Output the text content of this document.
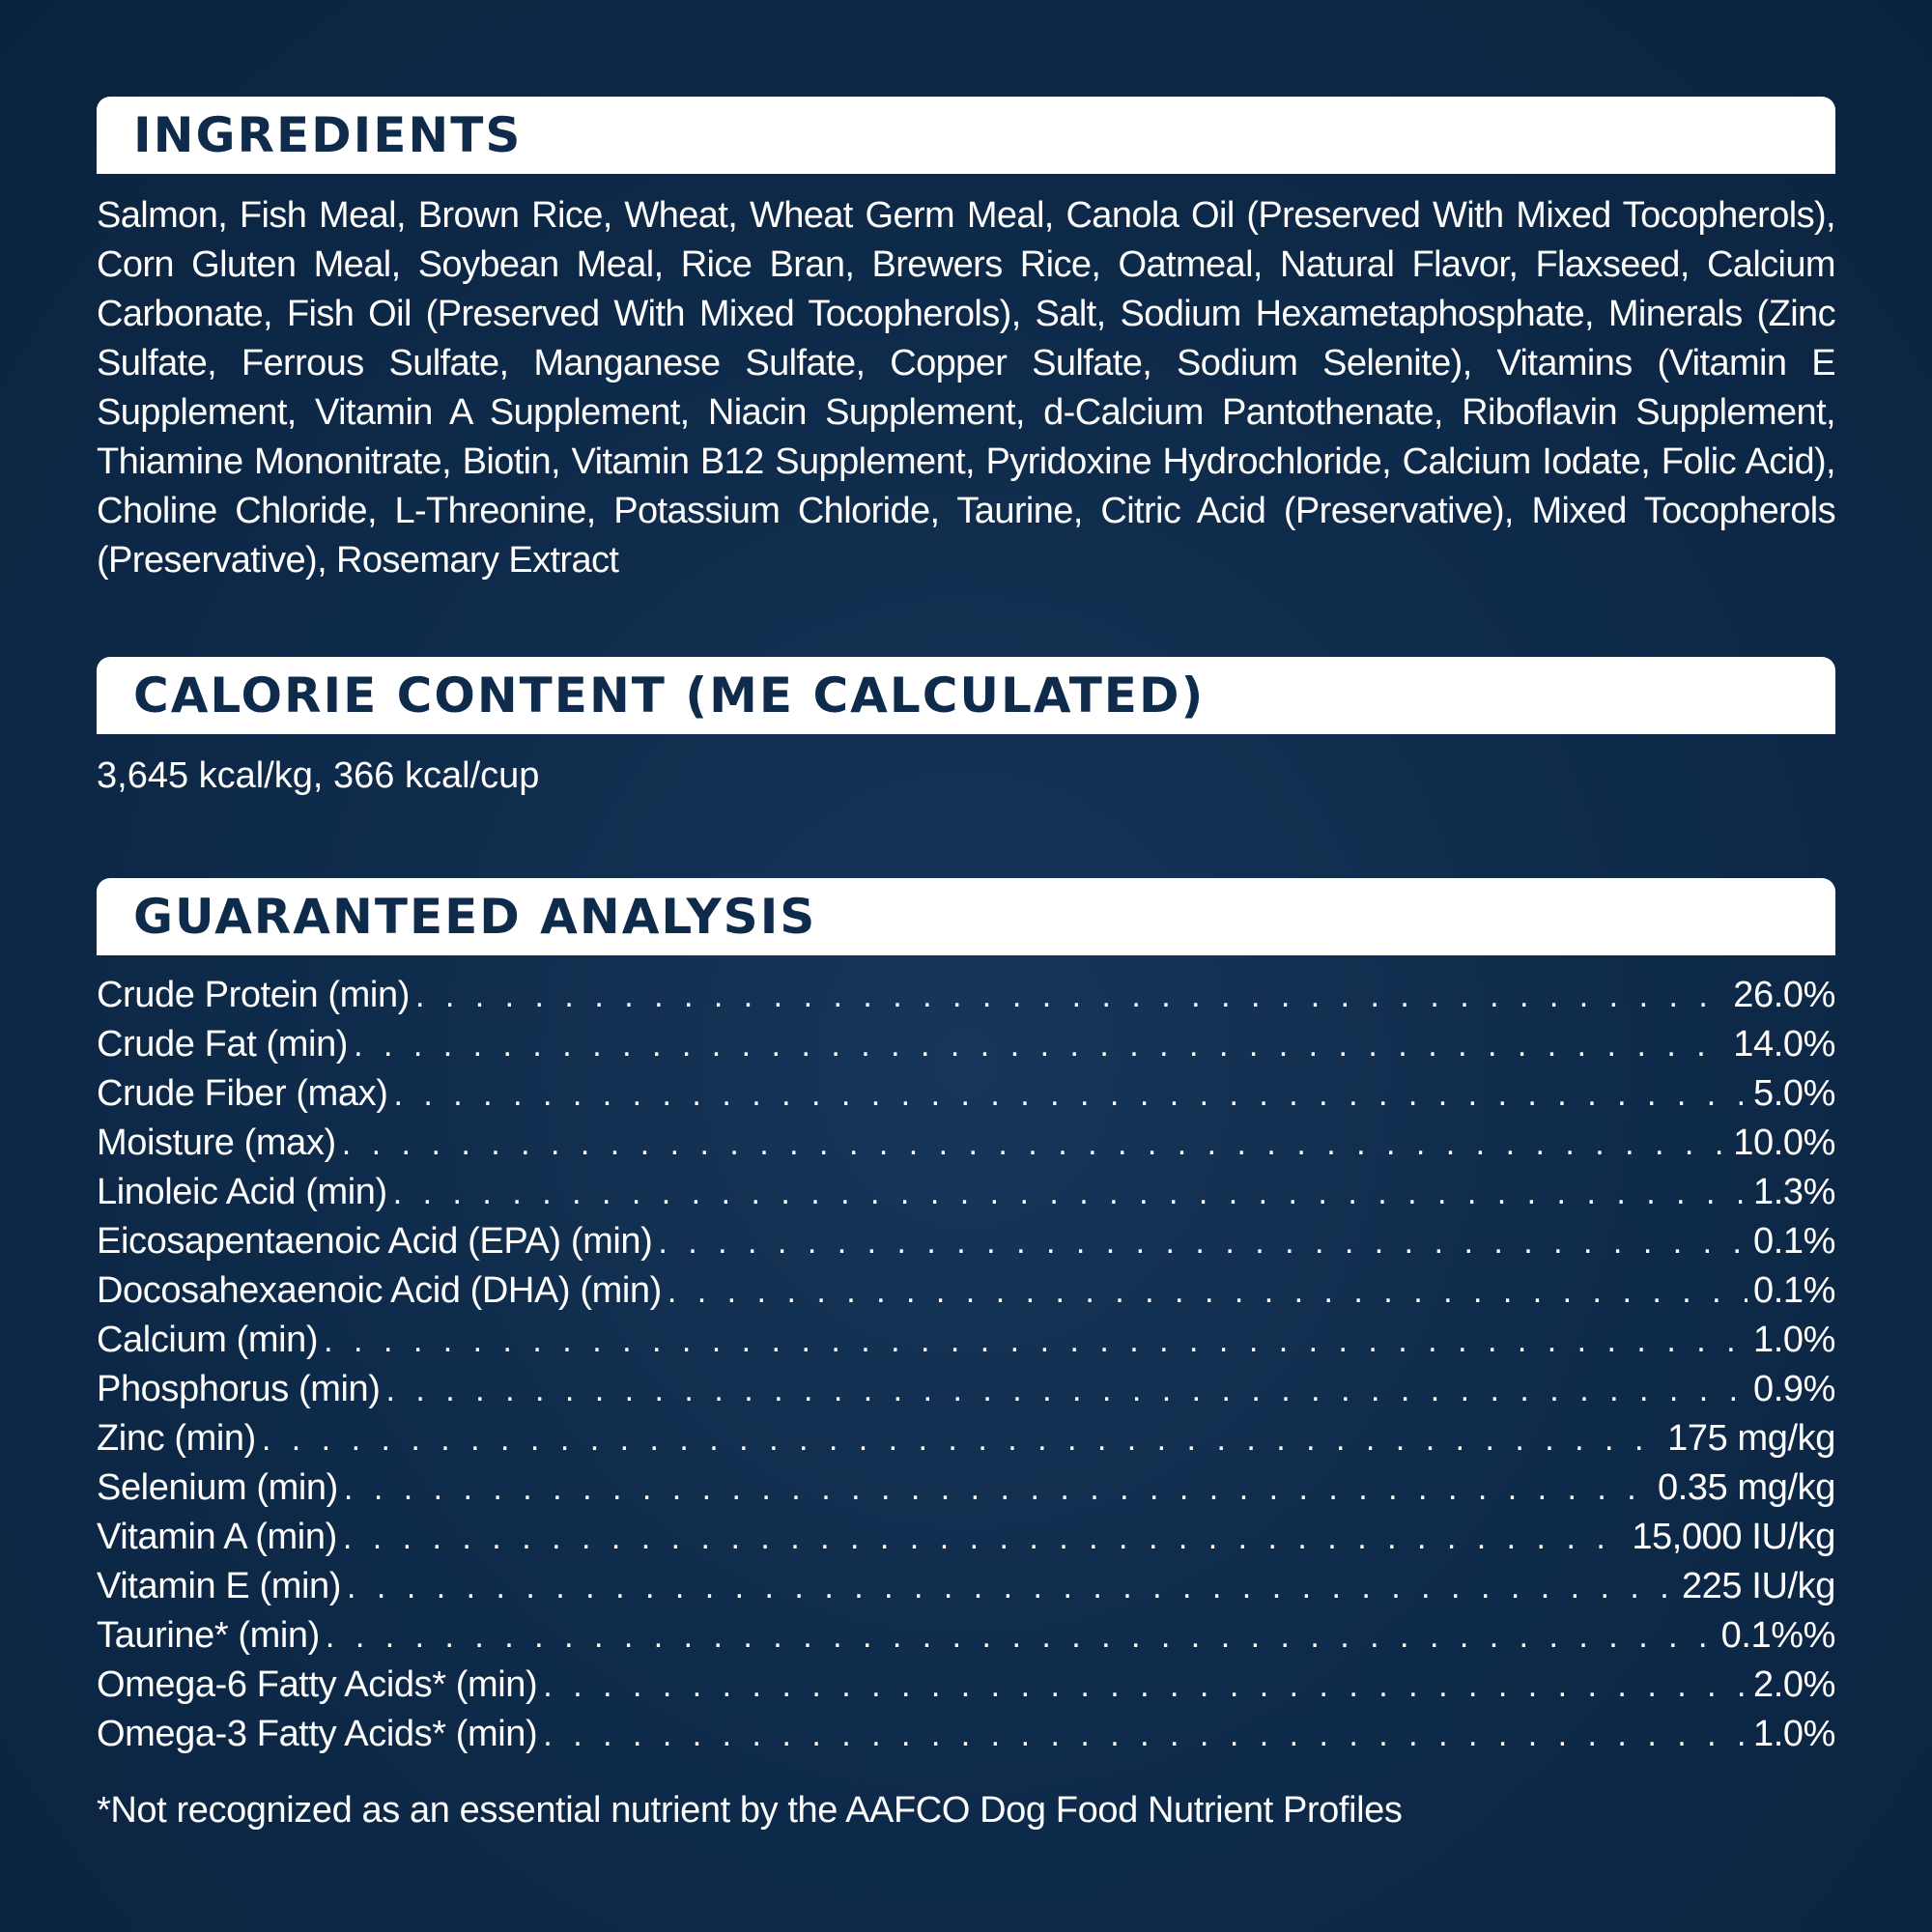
INGREDIENTS
Salmon, Fish Meal, Brown Rice, Wheat, Wheat Germ Meal, Canola Oil (Preserved With Mixed Tocopherols), Corn Gluten Meal, Soybean Meal, Rice Bran, Brewers Rice, Oatmeal, Natural Flavor, Flaxseed, Calcium Carbonate, Fish Oil (Preserved With Mixed Tocopherols), Salt, Sodium Hexametaphosphate, Minerals (Zinc Sulfate, Ferrous Sulfate, Manganese Sulfate, Copper Sulfate, Sodium Selenite), Vitamins (Vitamin E Supplement, Vitamin A Supplement, Niacin Supplement, d-Calcium Pantothenate, Riboflavin Supplement, Thiamine Mononitrate, Biotin, Vitamin B12 Supplement, Pyridoxine Hydrochloride, Calcium Iodate, Folic Acid), Choline Chloride, L-Threonine, Potassium Chloride, Taurine, Citric Acid (Preservative), Mixed Tocopherols (Preservative), Rosemary Extract
CALORIE CONTENT (ME CALCULATED)
3,645 kcal/kg, 366 kcal/cup
GUARANTEED ANALYSIS
Crude Protein (min) . . .	26.0%
Crude Fat (min) . . .	14.0%
Crude Fiber (max) . . .	5.0%
Moisture (max) . . .	10.0%
Linoleic Acid (min) . . .	1.3%
Eicosapentaenoic Acid (EPA) (min) . . .	0.1%
Docosahexaenoic Acid (DHA) (min) . . .	0.1%
Calcium (min) . . .	1.0%
Phosphorus (min) . . .	0.9%
Zinc (min) . . .	175 mg/kg
Selenium (min) . . .	0.35 mg/kg
Vitamin A (min) . . .	15,000 IU/kg
Vitamin E (min) . . .	225 IU/kg
Taurine* (min) . . .	0.1%%
Omega-6 Fatty Acids* (min) . . .	2.0%
Omega-3 Fatty Acids* (min) . . .	1.0%
*Not recognized as an essential nutrient by the AAFCO Dog Food Nutrient Profiles
